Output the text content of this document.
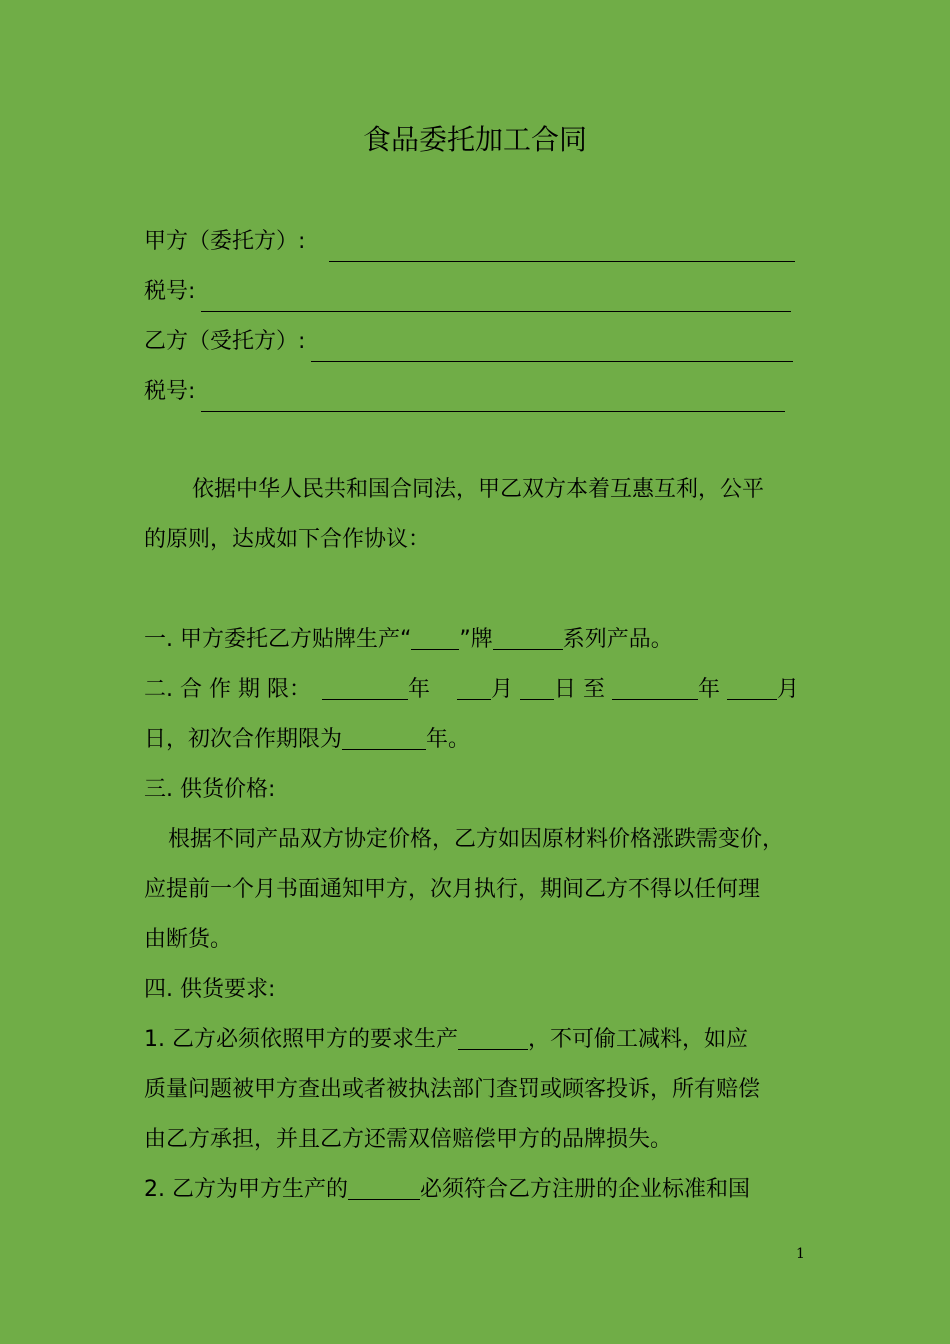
食品委托加工合同
甲方（委托方）:
税号:
乙方（受托方）:
税号:
依据中华人民共和国合同法，甲乙双方本着互惠互利，公平
的原则，达成如下合作协议：
一. 甲方委托乙方贴牌生产“ ”牌	系列产品。
二. 合 作 期 限：	年	月 日 至	年	月
日，初次合作期限为	年。
三. 供货价格:
根据不同产品双方协定价格，乙方如因原材料价格涨跌需变价，
应提前一个月书面通知甲方，次月执行，期间乙方不得以任何理
由断货。
四. 供货要求:
1. 乙方必须依照甲方的要求生产	，不可偷工减料，如应
质量问题被甲方查出或者被执法部门查罚或顾客投诉，所有赔偿
由乙方承担，并且乙方还需双倍赔偿甲方的品牌损失。
2. 乙方为甲方生产的	必须符合乙方注册的企业标准和国
1
